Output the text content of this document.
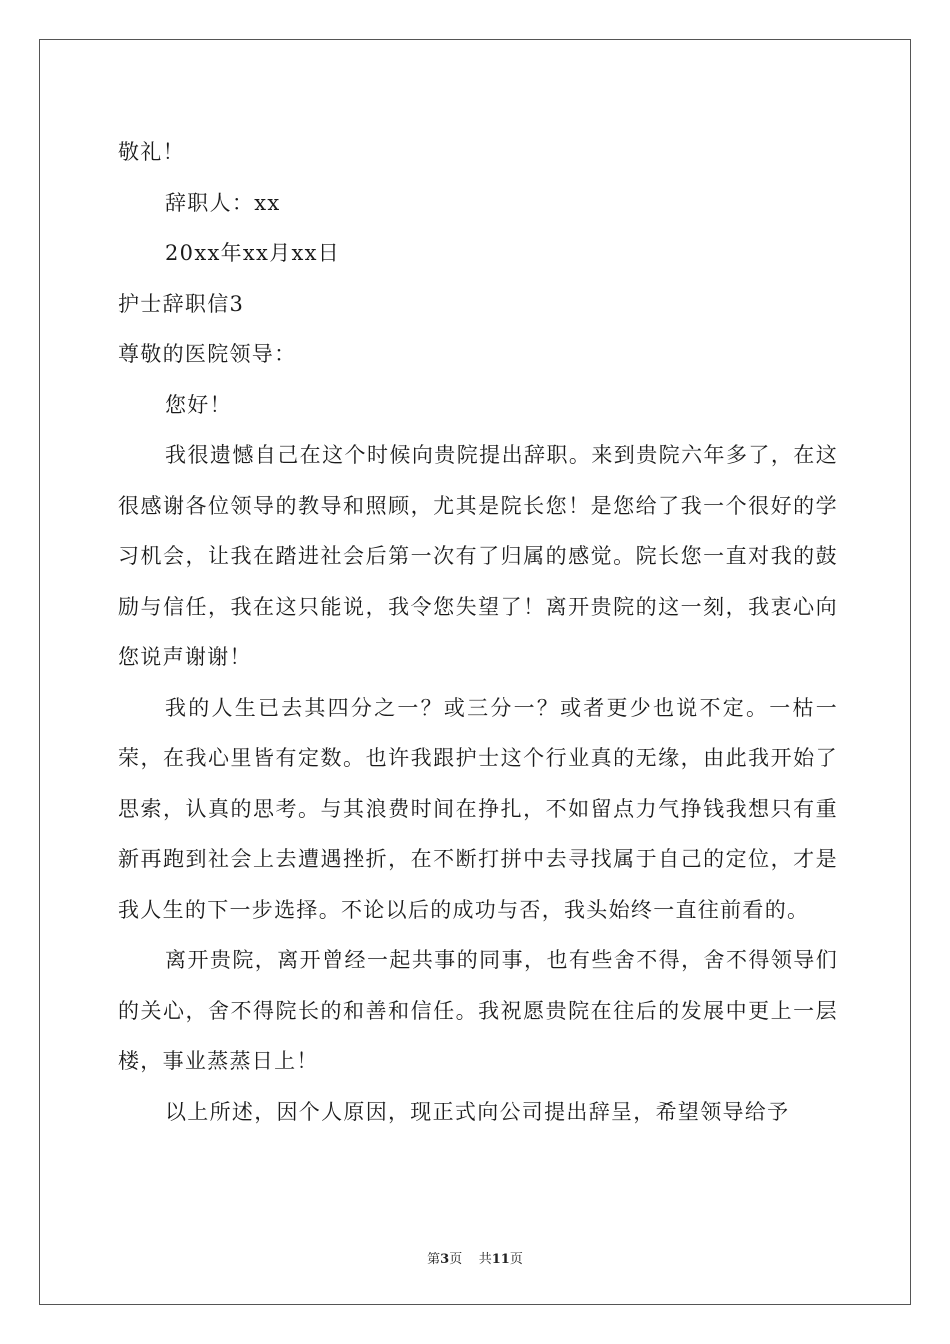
敬礼！
辞职人：xx
20xx年xx月xx日
护士辞职信3
尊敬的医院领导：
您好！

我很遗憾自己在这个时候向贵院提出辞职。来到贵院六年多了，在这很感谢各位领导的教导和照顾，尤其是院长您！是您给了我一个很好的学习机会，让我在踏进社会后第一次有了归属的感觉。院长您一直对我的鼓励与信任，我在这只能说，我令您失望了！离开贵院的这一刻，我衷心向您说声谢谢！

我的人生已去其四分之一？或三分一？或者更少也说不定。一枯一荣，在我心里皆有定数。也许我跟护士这个行业真的无缘，由此我开始了思索，认真的思考。与其浪费时间在挣扎，不如留点力气挣钱我想只有重新再跑到社会上去遭遇挫折，在不断打拼中去寻找属于自己的定位，才是我人生的下一步选择。不论以后的成功与否，我头始终一直往前看的。

离开贵院，离开曾经一起共事的同事，也有些舍不得，舍不得领导们的关心，舍不得院长的和善和信任。我祝愿贵院在往后的发展中更上一层楼，事业蒸蒸日上！

以上所述，因个人原因，现正式向公司提出辞呈，希望领导给予

第3页 共11页
